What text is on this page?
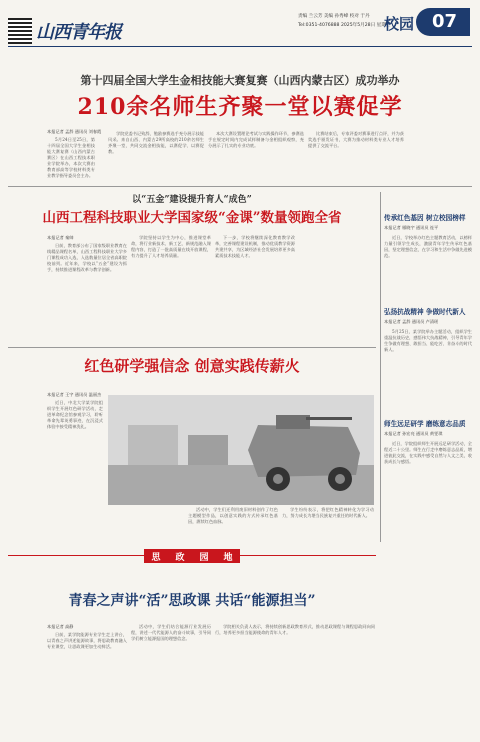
山西青年报
责编 兰云芳 美编 孙秀峰 校对 于丹
Tel:0351-4076888 2025年5月28日 星期三
校园 07
第十四届全国大学生金相技能大赛复赛（山西内蒙古区）成功举办
210余名师生齐聚一堂以赛促学
本报记者 孟辞 通讯员 刘春霞

5月24日至25日，第十四届全国大学生金相技能大赛复赛（山西内蒙古赛区）在山西工程技术职业学院举办，本次大赛由教育部高等学校材料类专业教学指导委员会主办。

学院党委书记致辞，勉励参赛选手充分展示技能风采。来自山西、内蒙古29所高校的210余名师生齐聚一堂，共同交流金相技能，以赛促学、以赛促教。

本次大赛设置理论考试与实践操作环节，参赛选手在规定时间内完成试样制备与金相组织观察，充分展示了扎实的专业功底。

比赛结束后，专家评委对赛事进行点评，并为获奖选手颁发证书，大赛为推动材料类专业人才培养提供了交流平台。

以“五金”建设提升育人“成色”
山西工程科技职业大学国家级“金课”数量领跑全省
本报记者 秦帅

日前，教育部公布了国家级职业教育在线精品课程名单，山西工程科技职业大学多门课程成功入选，入选数量位居全省高职院校前列。近年来，学校以“五金”建设为抓手，持续推进课程改革与教学创新。

学院坚持以学生为中心，推进课堂革命，将行业新技术、新工艺、新规范融入课程内容，打造了一批高质量在线开放课程，有力提升了人才培养质量。

下一步，学校将继续深化教育教学改革，完善课程建设机制，推动优质教学资源共建共享，为区域经济社会发展培养更多高素质技术技能人才。

红色研学强信念 创意实践传薪火
本报记者 王宇 通讯员 温丽杰

近日，中北大学某学院组织学生开展红色研学活动，走进革命纪念馆参观学习，聆听革命先辈英勇事迹，在沉浸式体验中接受精神洗礼。

活动中，学生们还利用废旧材料创作了红色主题模型作品，以创意实践的方式传承红色基因，赓续红色血脉。

学生纷纷表示，将把红色精神转化为学习动力，努力成长为堪当民族复兴重任的时代新人。

传承红色基因 树立校园榜样
本报记者 雁晓宇 通讯员 连平

近日，学校举办红色主题教育活动，以榜样力量引领学生成长，激励青年学生传承红色基因，坚定理想信念，在学习和生活中争做先进模范。

弘扬抗战精神 争做时代新人
本报记者 孟辞 通讯员 卢清瑶

5月25日，某学院举办主题活动，组织学生重温抗战历史，感悟伟大抗战精神，引导青年学生争做有理想、敢担当、能吃苦、肯奋斗的时代新人。

师生远足研学 磨练意志品质
本报记者 孙宏亮 通讯员 黄雯琪

近日，学院组织师生开展远足研学活动，全程近二十公里。师生在行走中磨练意志品质，增进彼此交流，在实践中感受自然与人文之美，收获成长与感悟。

思 政 园 地
青春之声讲“活”思政课 共话“能源担当”
本报记者 高静

日前，某学院能源专业学生走上讲台，以青春之声讲述能源故事，将思政教育融入专业课堂，让思政课更加生动鲜活。

活动中，学生们结合能源行业发展历程，讲述一代代能源人的奋斗故事，引导同学们树立能源报国的理想信念。

学院相关负责人表示，将持续创新思政教育形式，推动思政课程与课程思政同向同行，培养更多担当能源使命的青年人才。
